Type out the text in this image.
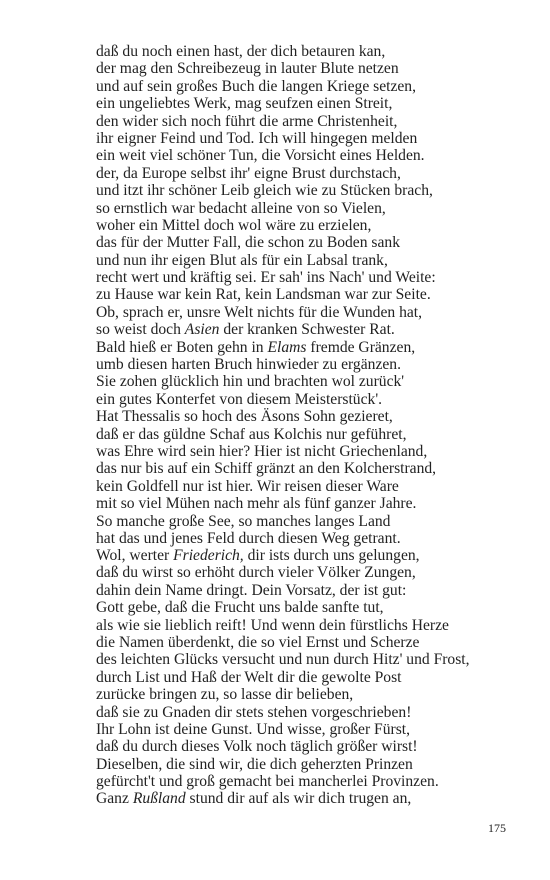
daß du noch einen hast, der dich betauren kan,
der mag den Schreibezeug in lauter Blute netzen
und auf sein großes Buch die langen Kriege setzen,
ein ungeliebtes Werk, mag seufzen einen Streit,
den wider sich noch führt die arme Christenheit,
ihr eigner Feind und Tod. Ich will hingegen melden
ein weit viel schöner Tun, die Vorsicht eines Helden.
der, da Europe selbst ihr' eigne Brust durchstach,
und itzt ihr schöner Leib gleich wie zu Stücken brach,
so ernstlich war bedacht alleine von so Vielen,
woher ein Mittel doch wol wäre zu erzielen,
das für der Mutter Fall, die schon zu Boden sank
und nun ihr eigen Blut als für ein Labsal trank,
recht wert und kräftig sei. Er sah' ins Nach' und Weite:
zu Hause war kein Rat, kein Landsman war zur Seite.
Ob, sprach er, unsre Welt nichts für die Wunden hat,
so weist doch Asien der kranken Schwester Rat.
Bald hieß er Boten gehn in Elams fremde Gränzen,
umb diesen harten Bruch hinwieder zu ergänzen.
Sie zohen glücklich hin und brachten wol zurück'
ein gutes Konterfet von diesem Meisterstück'.
Hat Thessalis so hoch des Äsons Sohn gezieret,
daß er das güldne Schaf aus Kolchis nur geführet,
was Ehre wird sein hier? Hier ist nicht Griechenland,
das nur bis auf ein Schiff gränzt an den Kolcherstrand,
kein Goldfell nur ist hier. Wir reisen dieser Ware
mit so viel Mühen nach mehr als fünf ganzer Jahre.
So manche große See, so manches langes Land
hat das und jenes Feld durch diesen Weg getrant.
Wol, werter Friederich, dir ists durch uns gelungen,
daß du wirst so erhöht durch vieler Völker Zungen,
dahin dein Name dringt. Dein Vorsatz, der ist gut:
Gott gebe, daß die Frucht uns balde sanfte tut,
als wie sie lieblich reift! Und wenn dein fürstlichs Herze
die Namen überdenkt, die so viel Ernst und Scherze
des leichten Glücks versucht und nun durch Hitz' und Frost,
durch List und Haß der Welt dir die gewolte Post
zurücke bringen zu, so lasse dir belieben,
daß sie zu Gnaden dir stets stehen vorgeschrieben!
Ihr Lohn ist deine Gunst. Und wisse, großer Fürst,
daß du durch dieses Volk noch täglich größer wirst!
Dieselben, die sind wir, die dich geherzten Prinzen
gefürcht't und groß gemacht bei mancherlei Provinzen.
Ganz Rußland stund dir auf als wir dich trugen an,
175
